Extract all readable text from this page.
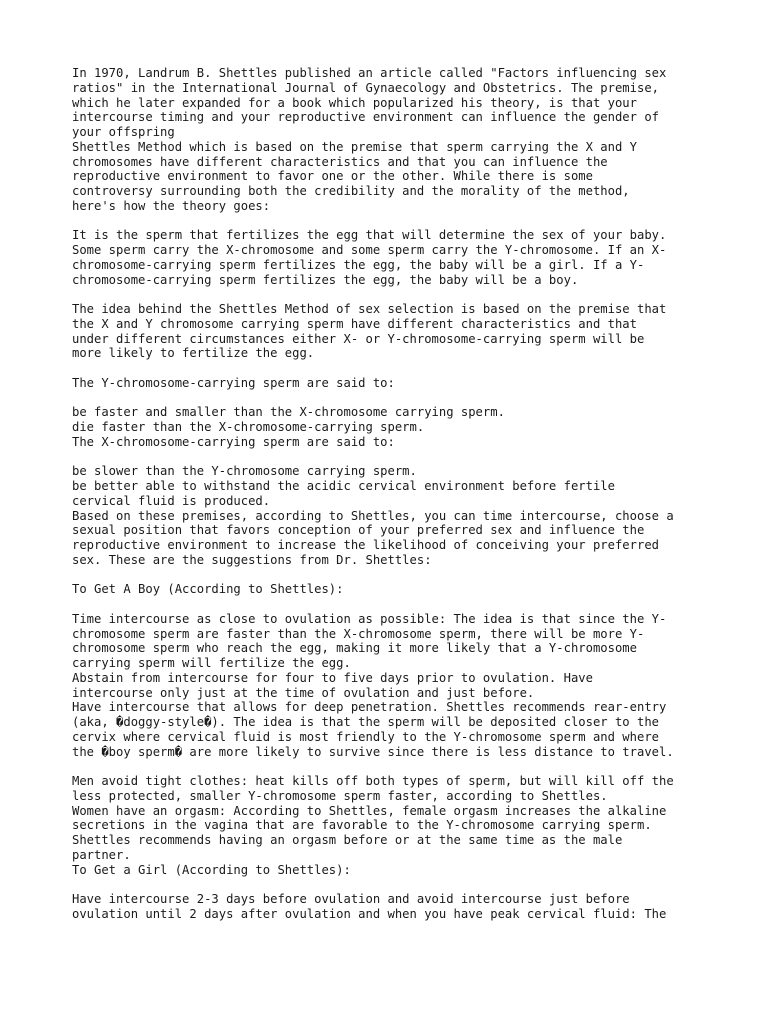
In 1970, Landrum B. Shettles published an article called "Factors influencing sex
ratios" in the International Journal of Gynaecology and Obstetrics. The premise,
which he later expanded for a book which popularized his theory, is that your
intercourse timing and your reproductive environment can influence the gender of
your offspring
Shettles Method which is based on the premise that sperm carrying the X and Y
chromosomes have different characteristics and that you can influence the
reproductive environment to favor one or the other. While there is some
controversy surrounding both the credibility and the morality of the method,
here's how the theory goes:
It is the sperm that fertilizes the egg that will determine the sex of your baby.
Some sperm carry the X-chromosome and some sperm carry the Y-chromosome. If an X-
chromosome-carrying sperm fertilizes the egg, the baby will be a girl. If a Y-
chromosome-carrying sperm fertilizes the egg, the baby will be a boy.
The idea behind the Shettles Method of sex selection is based on the premise that
the X and Y chromosome carrying sperm have different characteristics and that
under different circumstances either X- or Y-chromosome-carrying sperm will be
more likely to fertilize the egg.
The Y-chromosome-carrying sperm are said to:
be faster and smaller than the X-chromosome carrying sperm.
die faster than the X-chromosome-carrying sperm.
The X-chromosome-carrying sperm are said to:
be slower than the Y-chromosome carrying sperm.
be better able to withstand the acidic cervical environment before fertile
cervical fluid is produced.
Based on these premises, according to Shettles, you can time intercourse, choose a
sexual position that favors conception of your preferred sex and influence the
reproductive environment to increase the likelihood of conceiving your preferred
sex. These are the suggestions from Dr. Shettles:
To Get A Boy (According to Shettles):
Time intercourse as close to ovulation as possible: The idea is that since the Y-
chromosome sperm are faster than the X-chromosome sperm, there will be more Y-
chromosome sperm who reach the egg, making it more likely that a Y-chromosome
carrying sperm will fertilize the egg.
Abstain from intercourse for four to five days prior to ovulation. Have
intercourse only just at the time of ovulation and just before.
Have intercourse that allows for deep penetration. Shettles recommends rear-entry
(aka, �doggy-style�). The idea is that the sperm will be deposited closer to the
cervix where cervical fluid is most friendly to the Y-chromosome sperm and where
the �boy sperm� are more likely to survive since there is less distance to travel.
Men avoid tight clothes: heat kills off both types of sperm, but will kill off the
less protected, smaller Y-chromosome sperm faster, according to Shettles.
Women have an orgasm: According to Shettles, female orgasm increases the alkaline
secretions in the vagina that are favorable to the Y-chromosome carrying sperm.
Shettles recommends having an orgasm before or at the same time as the male
partner.
To Get a Girl (According to Shettles):
Have intercourse 2-3 days before ovulation and avoid intercourse just before
ovulation until 2 days after ovulation and when you have peak cervical fluid: The
